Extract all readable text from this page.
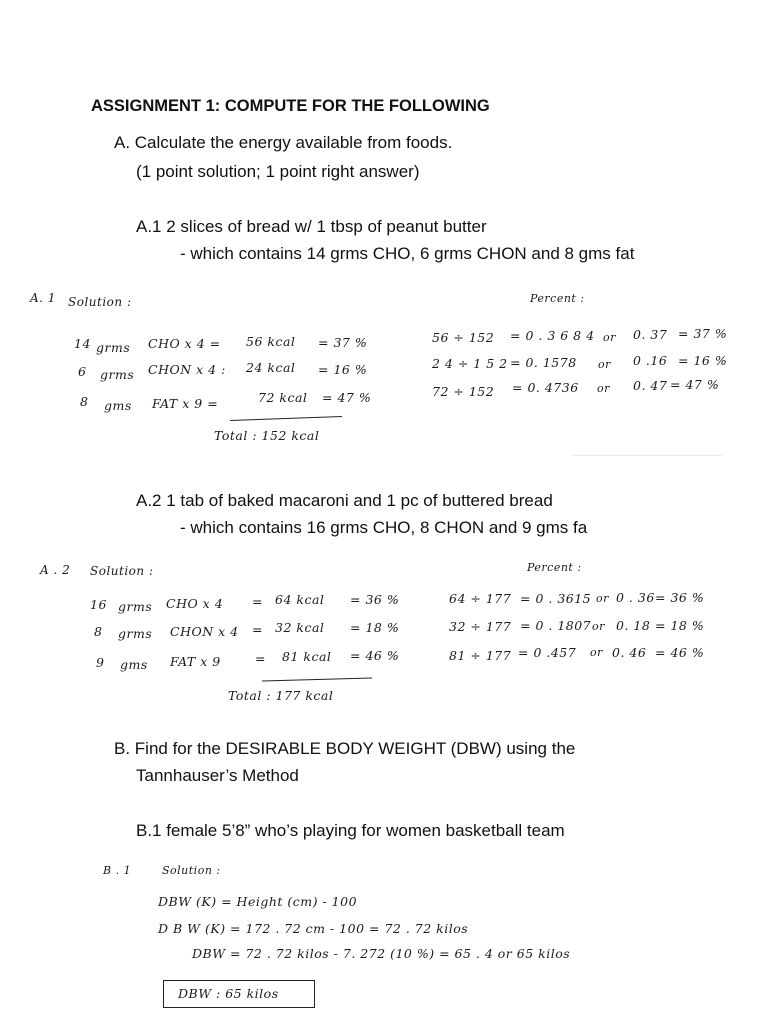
ASSIGNMENT 1: COMPUTE FOR THE FOLLOWING
A. Calculate the energy available from foods.
(1 point solution; 1 point right answer)
A.1 2 slices of bread w/ 1 tbsp of peanut butter
- which contains 14 grms CHO, 6 grms CHON and 8 gms fat
A. 1 Solution :	Percent :
14 grms CHO x 4 = 56 kcal = 37 %	56 ÷ 152 = 0 . 3 6 8 4 or 0. 37 = 37 %
6 grms CHON x 4 : 24 kcal = 16 %	2 4 ÷ 1 5 2 = 0. 1578 or 0 .16 = 16 %
8 gms FAT x 9 =	72 kcal = 47 %	72 ÷ 152 = 0. 4736 or 0. 47 = 47 %
Total : 152 kcal
A.2 1 tab of baked macaroni and 1 pc of buttered bread
- which contains 16 grms CHO, 8 CHON and 9 gms fa
A . 2 Solution :	Percent :
16 grms CHO x 4 = 64 kcal = 36 %	64 ÷ 177 = 0 . 3615 or 0 . 36 = 36 %
8 grms CHON x 4 = 32 kcal = 18 %	32 ÷ 177 = 0 . 1807 or 0. 18 = 18 %
9 gms FAT x 9	= 81 kcal = 46 %	81 ÷ 177 = 0 .457 or 0. 46 = 46 %
Total : 177 kcal
B. Find for the DESIRABLE BODY WEIGHT (DBW) using the
Tannhauser’s Method
B.1 female 5’8” who’s playing for women basketball team
B . 1	Solution :
DBW (K) = Height (cm) - 100
D B W (K) = 172 . 72 cm - 100 = 72 . 72 kilos
DBW = 72 . 72 kilos - 7. 272 (10 %) = 65 . 4 or 65 kilos
DBW : 65 kilos
